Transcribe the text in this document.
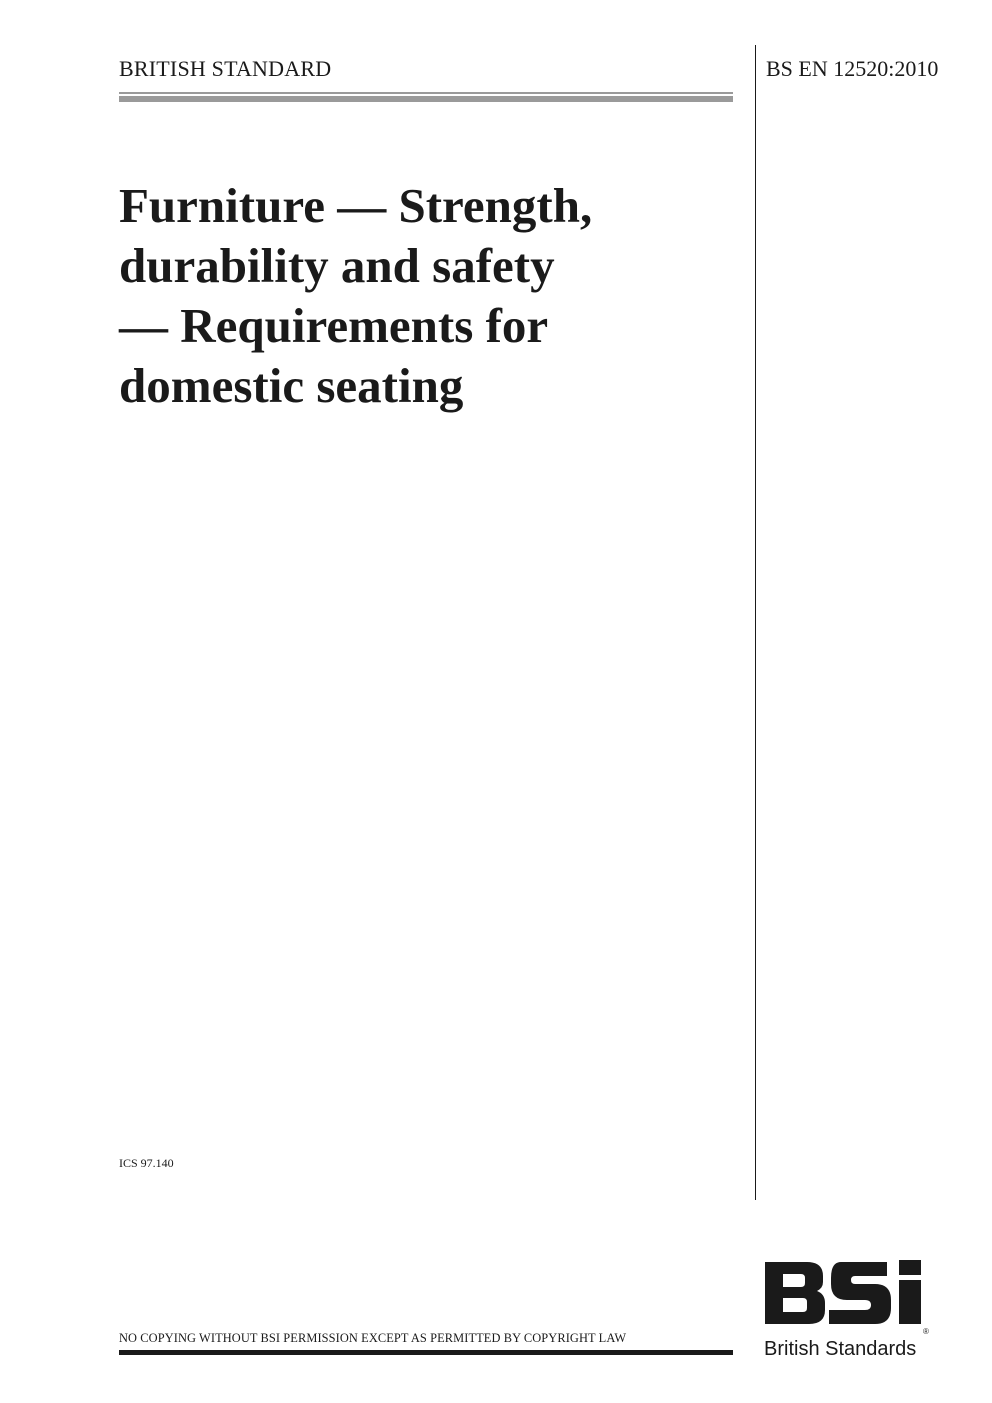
BRITISH STANDARD	BS EN 12520:2010
Furniture — Strength,
durability and safety
— Requirements for
domestic seating
ICS 97.140
NO COPYING WITHOUT BSI PERMISSION EXCEPT AS PERMITTED BY COPYRIGHT LAW	®
British Standards
